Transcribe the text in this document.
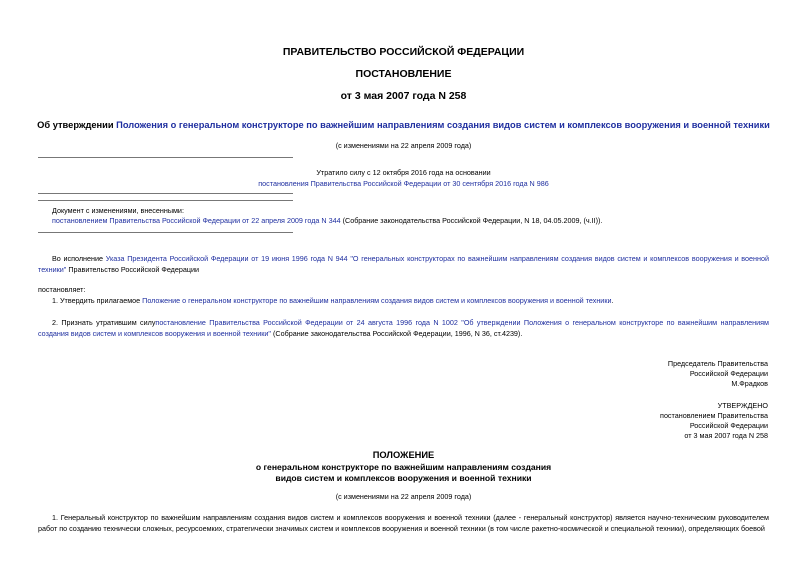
ПРАВИТЕЛЬСТВО РОССИЙСКОЙ ФЕДЕРАЦИИ
ПОСТАНОВЛЕНИЕ
от 3 мая 2007 года N 258
Об утверждении Положения о генеральном конструкторе по важнейшим направлениям создания видов систем и комплексов вооружения и военной техники
(с изменениями на 22 апреля 2009 года)
Утратило силу с 12 октября 2016 года на основании
постановления Правительства Российской Федерации от 30 сентября 2016 года N 986
Документ с изменениями, внесенными:
постановлением Правительства Российской Федерации от 22 апреля 2009 года N 344 (Собрание законодательства Российской Федерации, N 18, 04.05.2009, (ч.II)).
Во исполнение Указа Президента Российской Федерации от 19 июня 1996 года N 944 "О генеральных конструкторах по важнейшим направлениям создания видов систем и комплексов вооружения и военной техники" Правительство Российской Федерации
постановляет:
1. Утвердить прилагаемое Положение о генеральном конструкторе по важнейшим направлениям создания видов систем и комплексов вооружения и военной техники.
2. Признать утратившим силупостановление Правительства Российской Федерации от 24 августа 1996 года N 1002 "Об утверждении Положения о генеральном конструкторе по важнейшим направлениям создания видов систем и комплексов вооружения и военной техники" (Собрание законодательства Российской Федерации, 1996, N 36, ст.4239).
Председатель Правительства
Российской Федерации
М.Фрадков
УТВЕРЖДЕНО
постановлением Правительства
Российской Федерации
от 3 мая 2007 года N 258
ПОЛОЖЕНИЕ
о генеральном конструкторе по важнейшим направлениям создания
видов систем и комплексов вооружения и военной техники
(с изменениями на 22 апреля 2009 года)
1. Генеральный конструктор по важнейшим направлениям создания видов систем и комплексов вооружения и военной техники (далее - генеральный конструктор) является научно-техническим руководителем работ по созданию технически сложных, ресурсоемких, стратегически значимых систем и комплексов вооружения и военной техники (в том числе ракетно-космической и специальной техники), определяющих боевой
